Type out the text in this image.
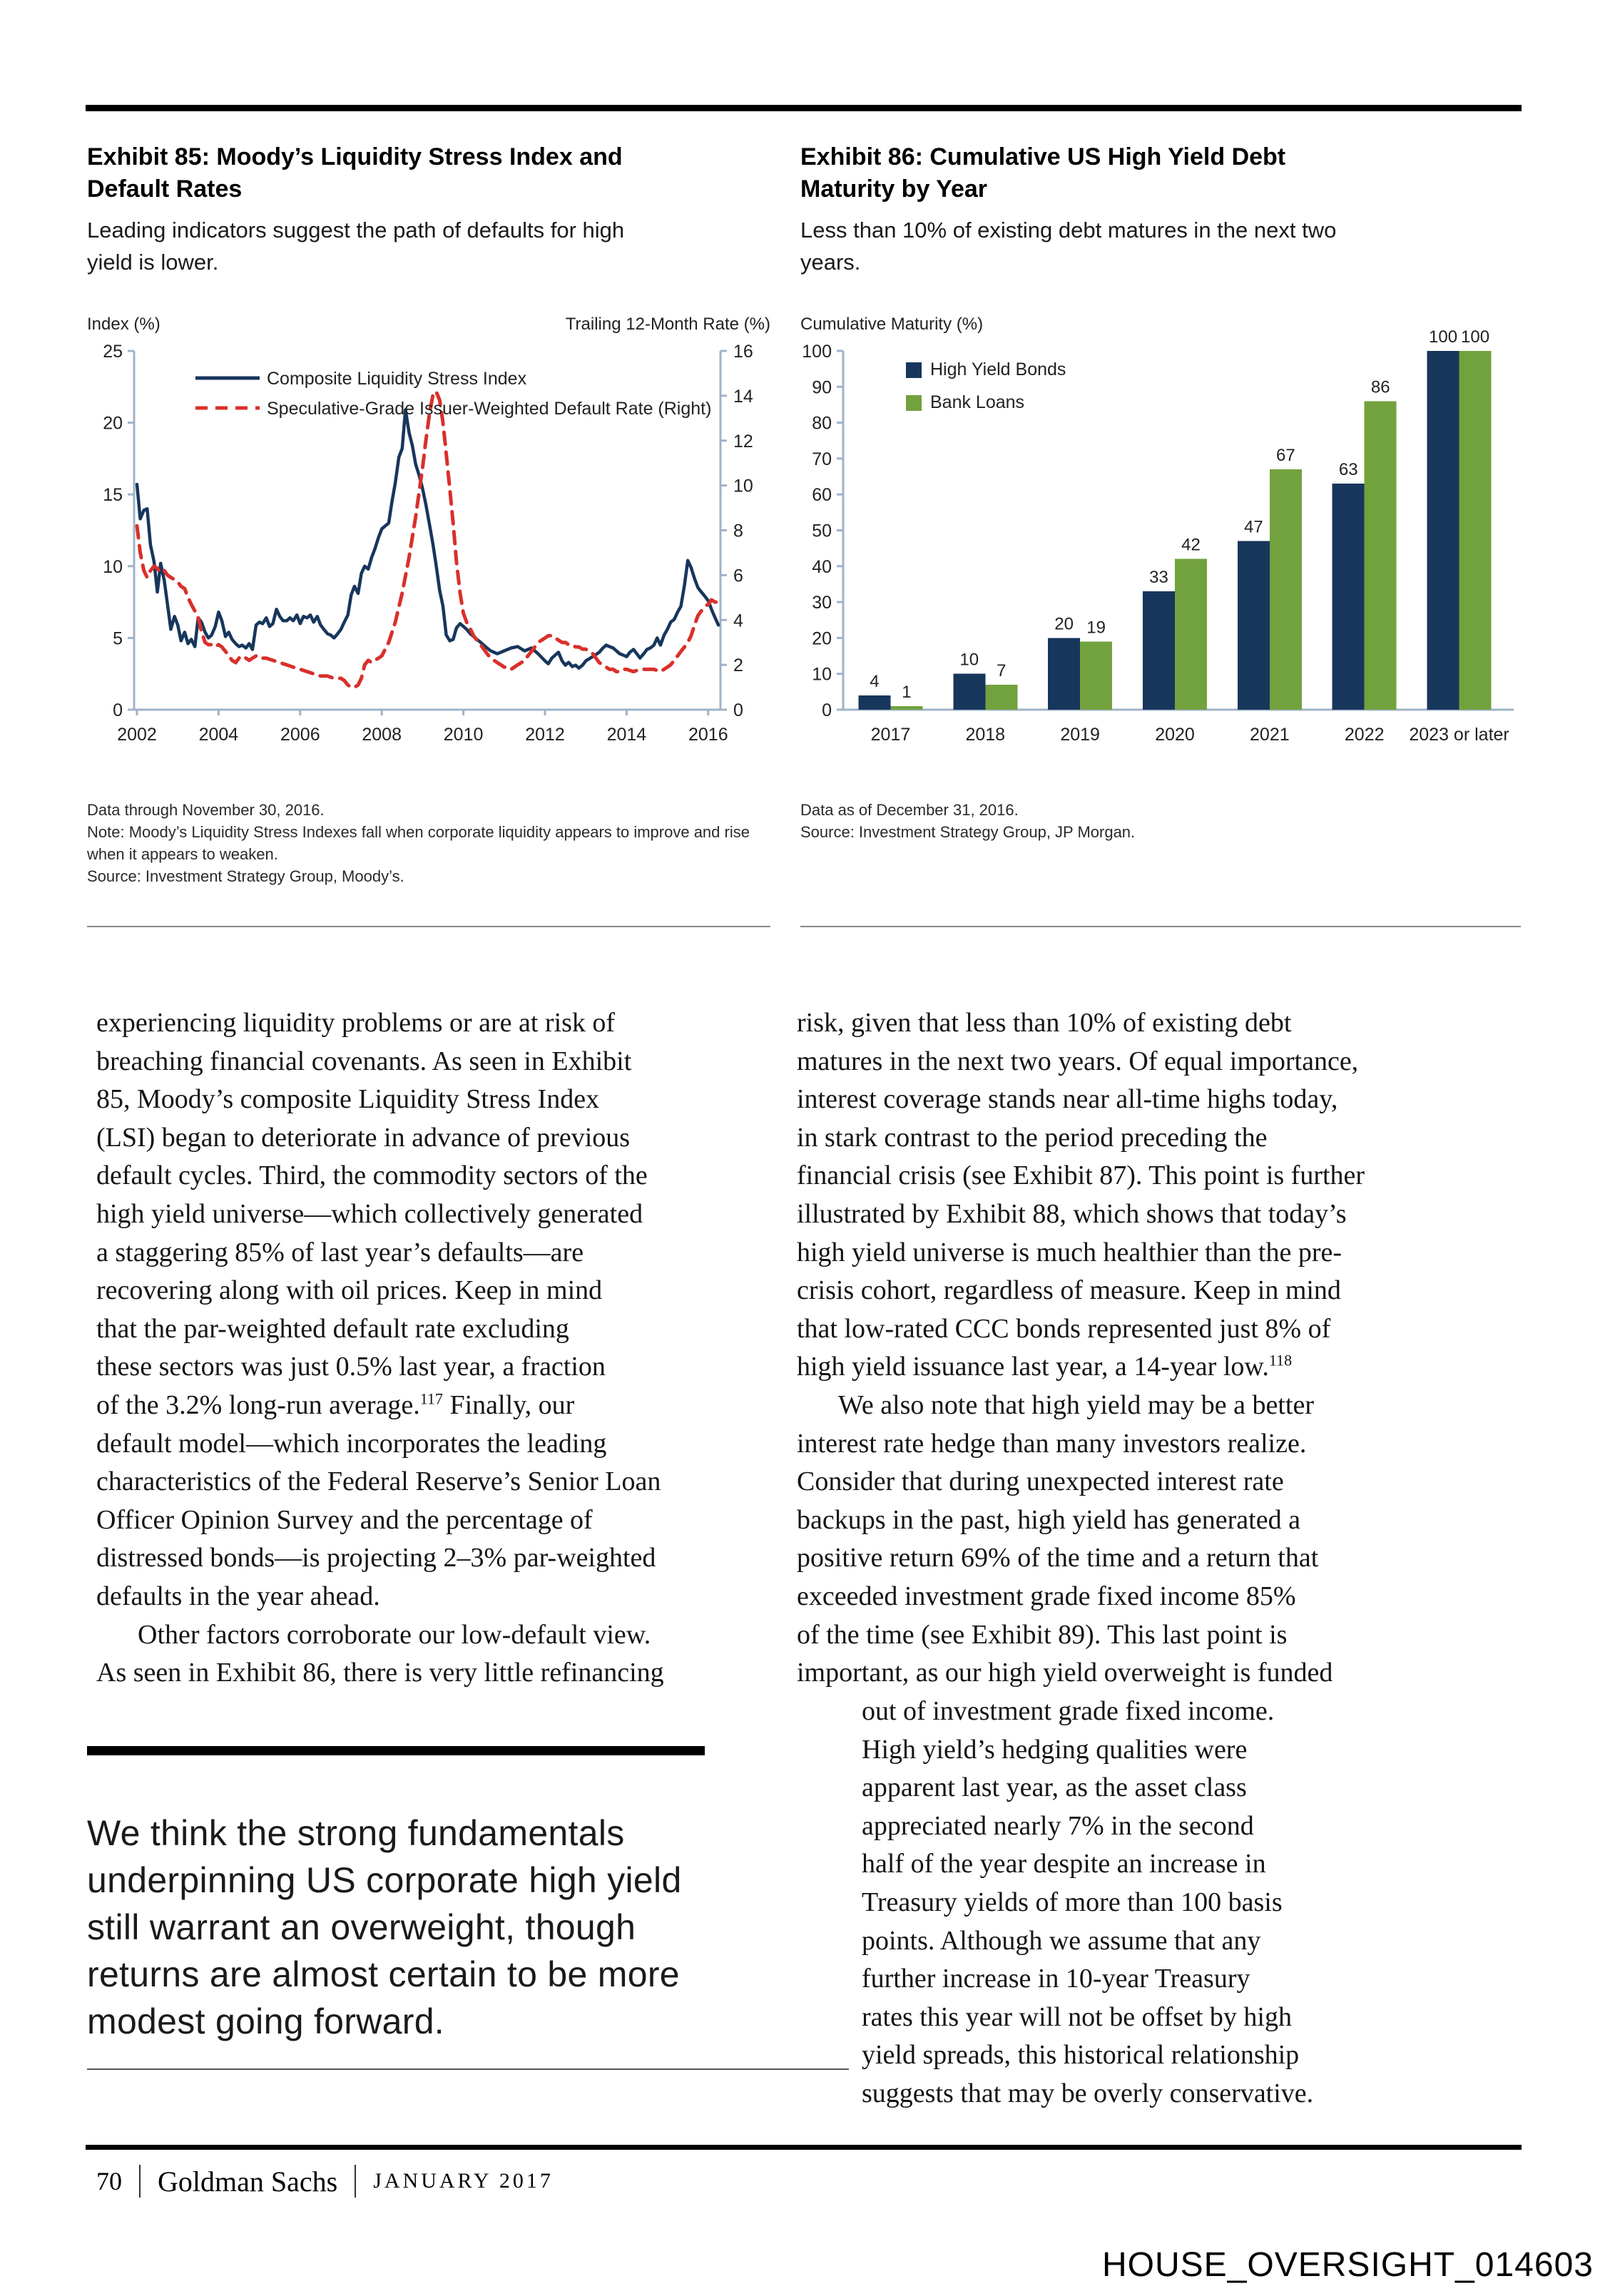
Exhibit 85: Moody’s Liquidity Stress Index and Default Rates
Leading indicators suggest the path of defaults for high yield is lower.
Exhibit 86: Cumulative US High Yield Debt Maturity by Year
Less than 10% of existing debt matures in the next two years.
Index (%)	Trailing 12-Month Rate (%)
0
5
10
15
20
25
0
2
4
6
8
10
12
14
16
2002 2004 2006 2008 2010 2012 2014 2016
Composite Liquidity Stress Index
Speculative-Grade Issuer-Weighted Default Rate (Right)
Cumulative Maturity (%)
0
10
20
30
40
50
60
70
80
90
100
4
1
2017
10
7
2018
20 19
2019
33
42
2020
47
67
2021
63
86
2022
100 100
2023 or later
High Yield Bonds
Bank Loans
Data through November 30, 2016.
Note: Moody’s Liquidity Stress Indexes fall when corporate liquidity appears to improve and rise
when it appears to weaken.
Source: Investment Strategy Group, Moody’s.
Data as of December 31, 2016.
Source: Investment Strategy Group, JP Morgan.
experiencing liquidity problems or are at risk of
breaching financial covenants. As seen in Exhibit
85, Moody’s composite Liquidity Stress Index
(LSI) began to deteriorate in advance of previous
default cycles. Third, the commodity sectors of the
high yield universe—which collectively generated
a staggering 85% of last year’s defaults—are
recovering along with oil prices. Keep in mind
that the par-weighted default rate excluding
these sectors was just 0.5% last year, a fraction
of the 3.2% long-run average.$^{117}$ Finally, our
default model—which incorporates the leading
characteristics of the Federal Reserve’s Senior Loan
Officer Opinion Survey and the percentage of
distressed bonds—is projecting 2–3% par-weighted
defaults in the year ahead.
Other factors corroborate our low-default view.
As seen in Exhibit 86, there is very little refinancing
risk, given that less than 10% of existing debt
matures in the next two years. Of equal importance,
interest coverage stands near all-time highs today,
in stark contrast to the period preceding the
financial crisis (see Exhibit 87). This point is further
illustrated by Exhibit 88, which shows that today’s
high yield universe is much healthier than the pre-
crisis cohort, regardless of measure. Keep in mind
that low-rated CCC bonds represented just 8% of
high yield issuance last year, a 14-year low.$^{118}$
We also note that high yield may be a better
interest rate hedge than many investors realize.
Consider that during unexpected interest rate
backups in the past, high yield has generated a
positive return 69% of the time and a return that
exceeded investment grade fixed income 85%
of the time (see Exhibit 89). This last point is
important, as our high yield overweight is funded
out of investment grade fixed income.
High yield’s hedging qualities were
apparent last year, as the asset class
appreciated nearly 7% in the second
half of the year despite an increase in
Treasury yields of more than 100 basis
points. Although we assume that any
further increase in 10-year Treasury
rates this year will not be offset by high
yield spreads, this historical relationship
suggests that may be overly conservative.
We think the strong fundamentals
underpinning US corporate high yield
still warrant an overweight, though
returns are almost certain to be more
modest going forward.
70 Goldman Sachs JANUARY 2017
HOUSE_OVERSIGHT_014603
